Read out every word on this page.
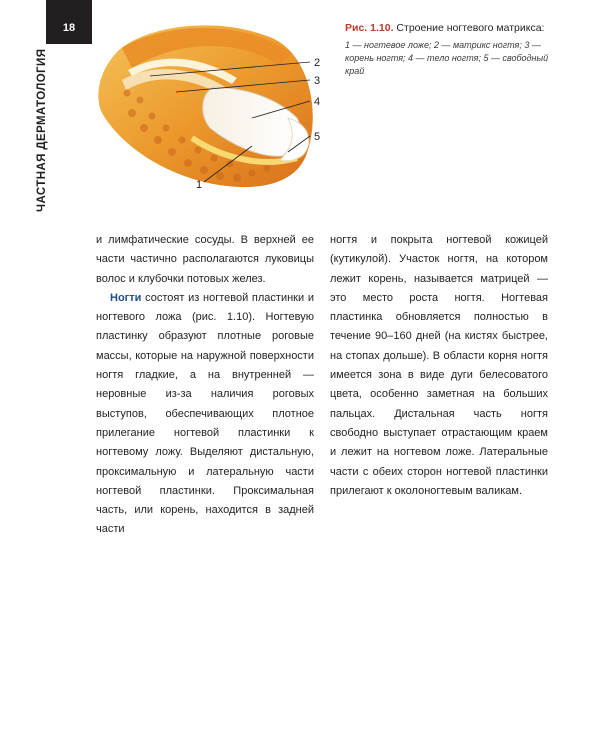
18
ЧАСТНАЯ ДЕРМАТОЛОГИЯ	2
3
4
5
1
Рис. 1.10. Строение ногтевого матрикса:
1 — ногтевое ложе; 2 — матрикс ногтя; 3 — корень ногтя; 4 — тело ногтя; 5 — свободный край

и лимфатические сосуды. В верхней ее части частично располагаются луковицы волос и клубочки потовых желез.

Ногти состоят из ногтевой пластинки и ногтевого ложа (рис. 1.10). Ногтевую пластинку образуют плотные роговые массы, которые на наружной поверхности ногтя гладкие, а на внутренней — неровные из-за наличия роговых выступов, обеспечивающих плотное прилегание ногтевой пластинки к ногтевому ложу. Выделяют дистальную, проксимальную и латеральную части ногтевой пластинки. Проксимальная часть, или корень, находится в задней части

ногтя и покрыта ногтевой кожицей (кутикулой). Участок ногтя, на котором лежит корень, называется матрицей — это место роста ногтя. Ногтевая пластинка обновляется полностью в течение 90–160 дней (на кистях быстрее, на стопах дольше). В области корня ногтя имеется зона в виде дуги белесоватого цвета, особенно заметная на больших пальцах. Дистальная часть ногтя свободно выступает отрастающим краем и лежит на ногтевом ложе. Латеральные части с обеих сторон ногтевой пластинки прилегают к околоногтевым валикам.
